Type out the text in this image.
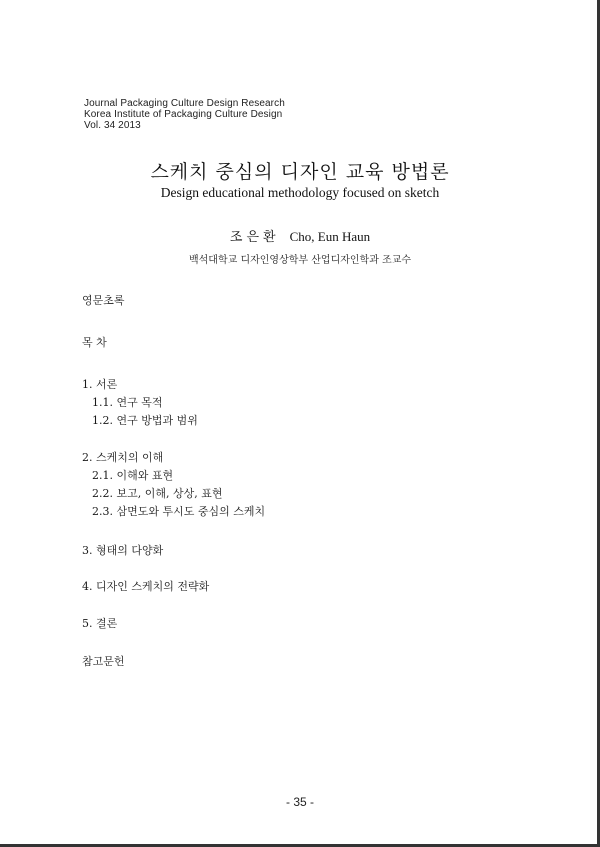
Journal Packaging Culture Design Research
Korea Institute of Packaging Culture Design
Vol. 34 2013
스케치 중심의 디자인 교육 방법론
Design educational methodology focused on sketch
조은환 Cho, Eun Haun
백석대학교 디자인영상학부 산업디자인학과 조교수
영문초록
목 차
1. 서론
1.1. 연구 목적
1.2. 연구 방법과 범위
2. 스케치의 이해
2.1. 이해와 표현
2.2. 보고, 이해, 상상, 표현
2.3. 삼면도와 투시도 중심의 스케치
3. 형태의 다양화
4. 디자인 스케치의 전략화
5. 결론
참고문헌
- 35 -
